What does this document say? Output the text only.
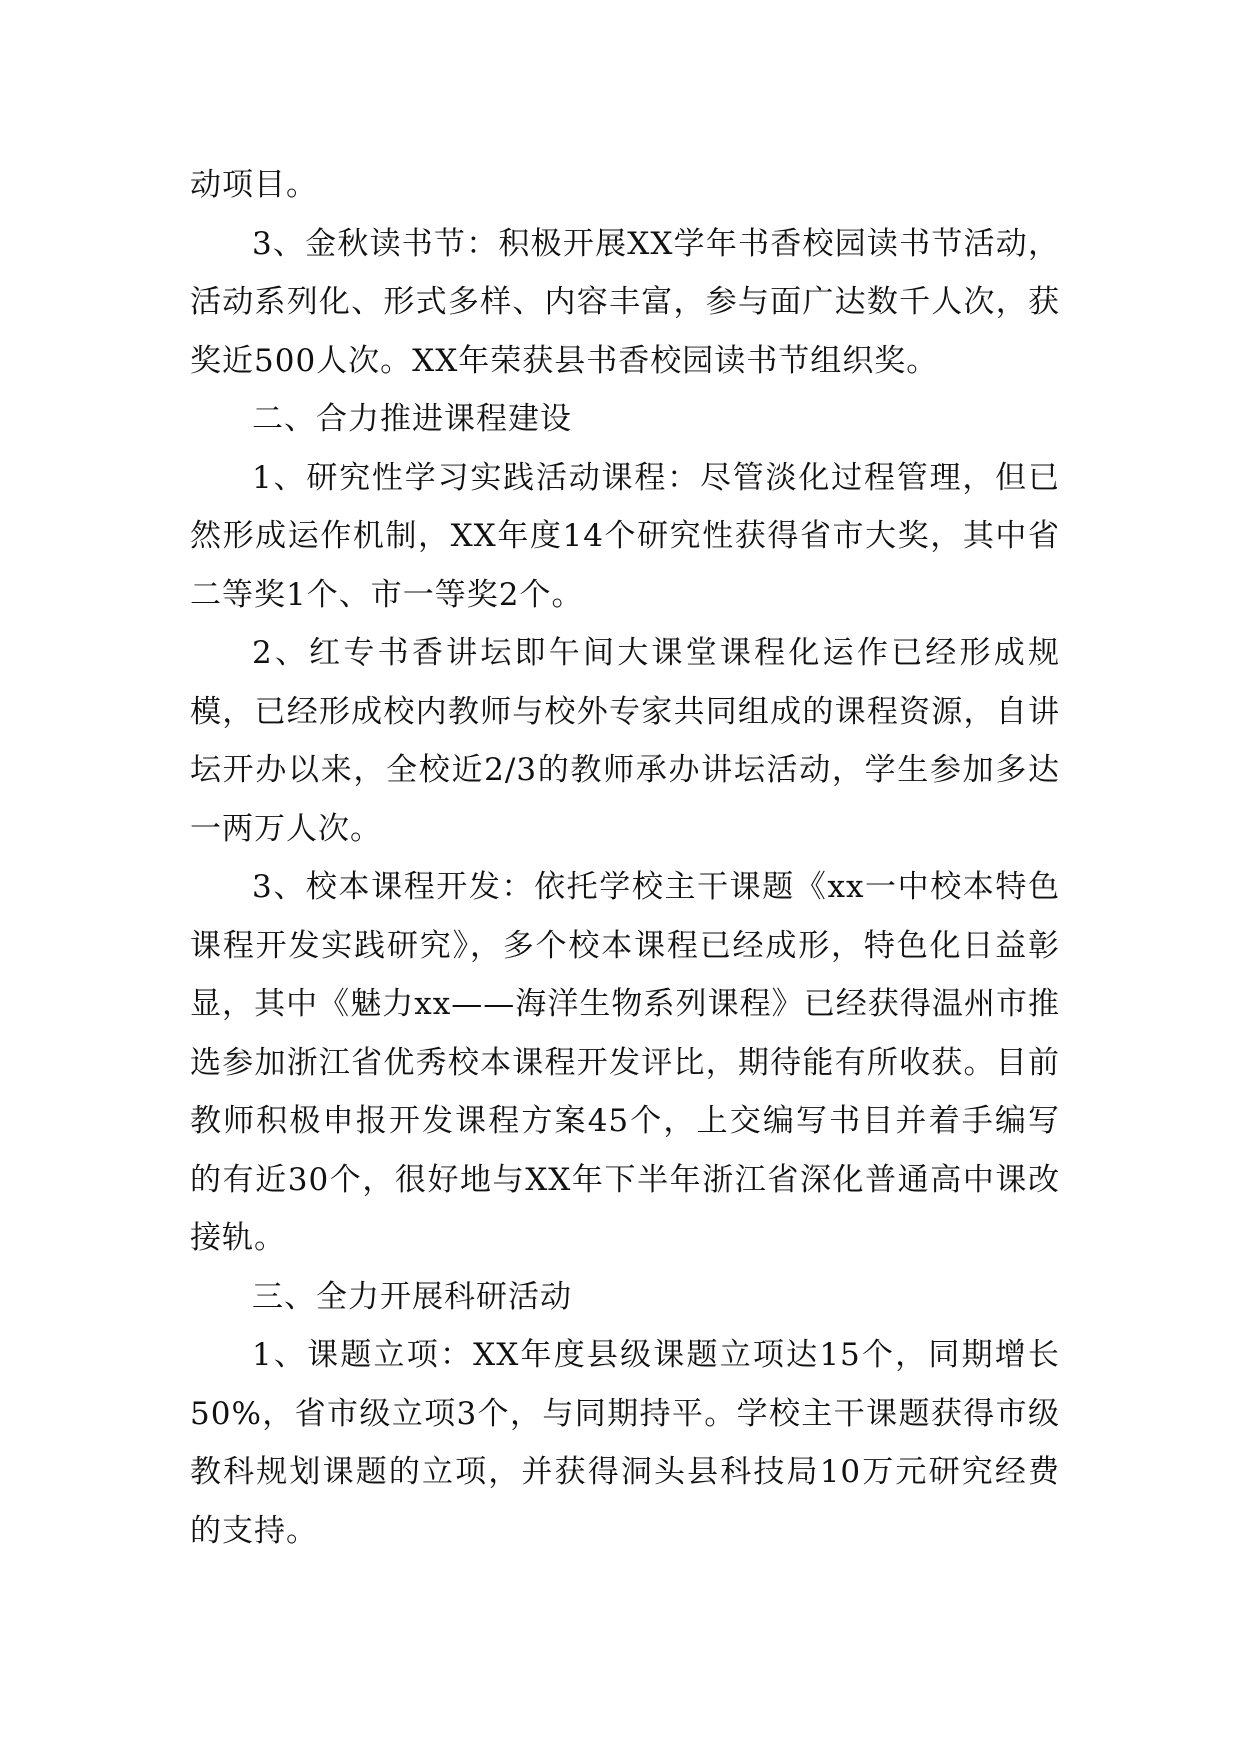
动项目。

3、金秋读书节：积极开展XX学年书香校园读书节活动，活动系列化、形式多样、内容丰富，参与面广达数千人次，获奖近500人次。XX年荣获县书香校园读书节组织奖。

二、合力推进课程建设

1、研究性学习实践活动课程：尽管淡化过程管理，但已然形成运作机制，XX年度14个研究性获得省市大奖，其中省二等奖1个、市一等奖2个。

2、红专书香讲坛即午间大课堂课程化运作已经形成规模，已经形成校内教师与校外专家共同组成的课程资源，自讲坛开办以来，全校近2/3的教师承办讲坛活动，学生参加多达一两万人次。

3、校本课程开发：依托学校主干课题《xx一中校本特色课程开发实践研究》，多个校本课程已经成形，特色化日益彰显，其中《魅力xx——海洋生物系列课程》已经获得温州市推选参加浙江省优秀校本课程开发评比，期待能有所收获。目前教师积极申报开发课程方案45个，上交编写书目并着手编写的有近30个，很好地与XX年下半年浙江省深化普通高中课改接轨。

三、全力开展科研活动

1、课题立项：XX年度县级课题立项达15个，同期增长50%，省市级立项3个，与同期持平。学校主干课题获得市级教科规划课题的立项，并获得洞头县科技局10万元研究经费的支持。
